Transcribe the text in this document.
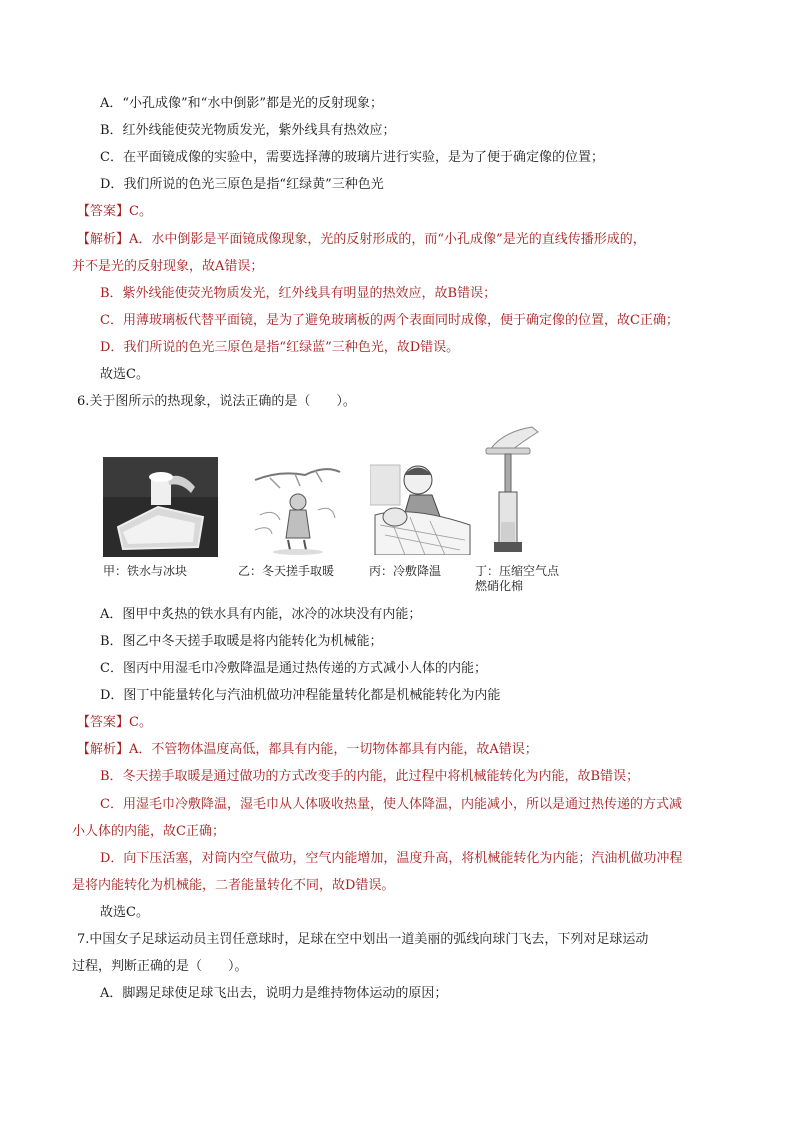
A．“小孔成像”和“水中倒影”都是光的反射现象；
B．红外线能使荧光物质发光，紫外线具有热效应；
C．在平面镜成像的实验中，需要选择薄的玻璃片进行实验，是为了便于确定像的位置；
D．我们所说的色光三原色是指“红绿黄”三种色光
【答案】C。
【解析】A．水中倒影是平面镜成像现象，光的反射形成的，而“小孔成像”是光的直线传播形成的，
并不是光的反射现象，故A错误；
B．紫外线能使荧光物质发光，红外线具有明显的热效应，故B错误；
C．用薄玻璃板代替平面镜，是为了避免玻璃板的两个表面同时成像，便于确定像的位置，故C正确；
D．我们所说的色光三原色是指“红绿蓝”三种色光，故D错误。
故选C。
6.关于图所示的热现象，说法正确的是（　　）。
甲：铁水与冰块	乙：冬天搓手取暖	丙：冷敷降温	丁：压缩空气点
燃硝化棉
A．图甲中炙热的铁水具有内能，冰冷的冰块没有内能；
B．图乙中冬天搓手取暖是将内能转化为机械能；
C．图丙中用湿毛巾冷敷降温是通过热传递的方式减小人体的内能；
D．图丁中能量转化与汽油机做功冲程能量转化都是机械能转化为内能
【答案】C。
【解析】A．不管物体温度高低，都具有内能，一切物体都具有内能，故A错误；
B．冬天搓手取暖是通过做功的方式改变手的内能，此过程中将机械能转化为内能，故B错误；
C．用湿毛巾冷敷降温，湿毛巾从人体吸收热量，使人体降温，内能减小，所以是通过热传递的方式减
小人体的内能，故C正确；
D．向下压活塞，对筒内空气做功，空气内能增加，温度升高，将机械能转化为内能；汽油机做功冲程
是将内能转化为机械能，二者能量转化不同，故D错误。
故选C。
7.中国女子足球运动员主罚任意球时，足球在空中划出一道美丽的弧线向球门飞去，下列对足球运动
过程，判断正确的是（　　）。
A．脚踢足球使足球飞出去，说明力是维持物体运动的原因；
